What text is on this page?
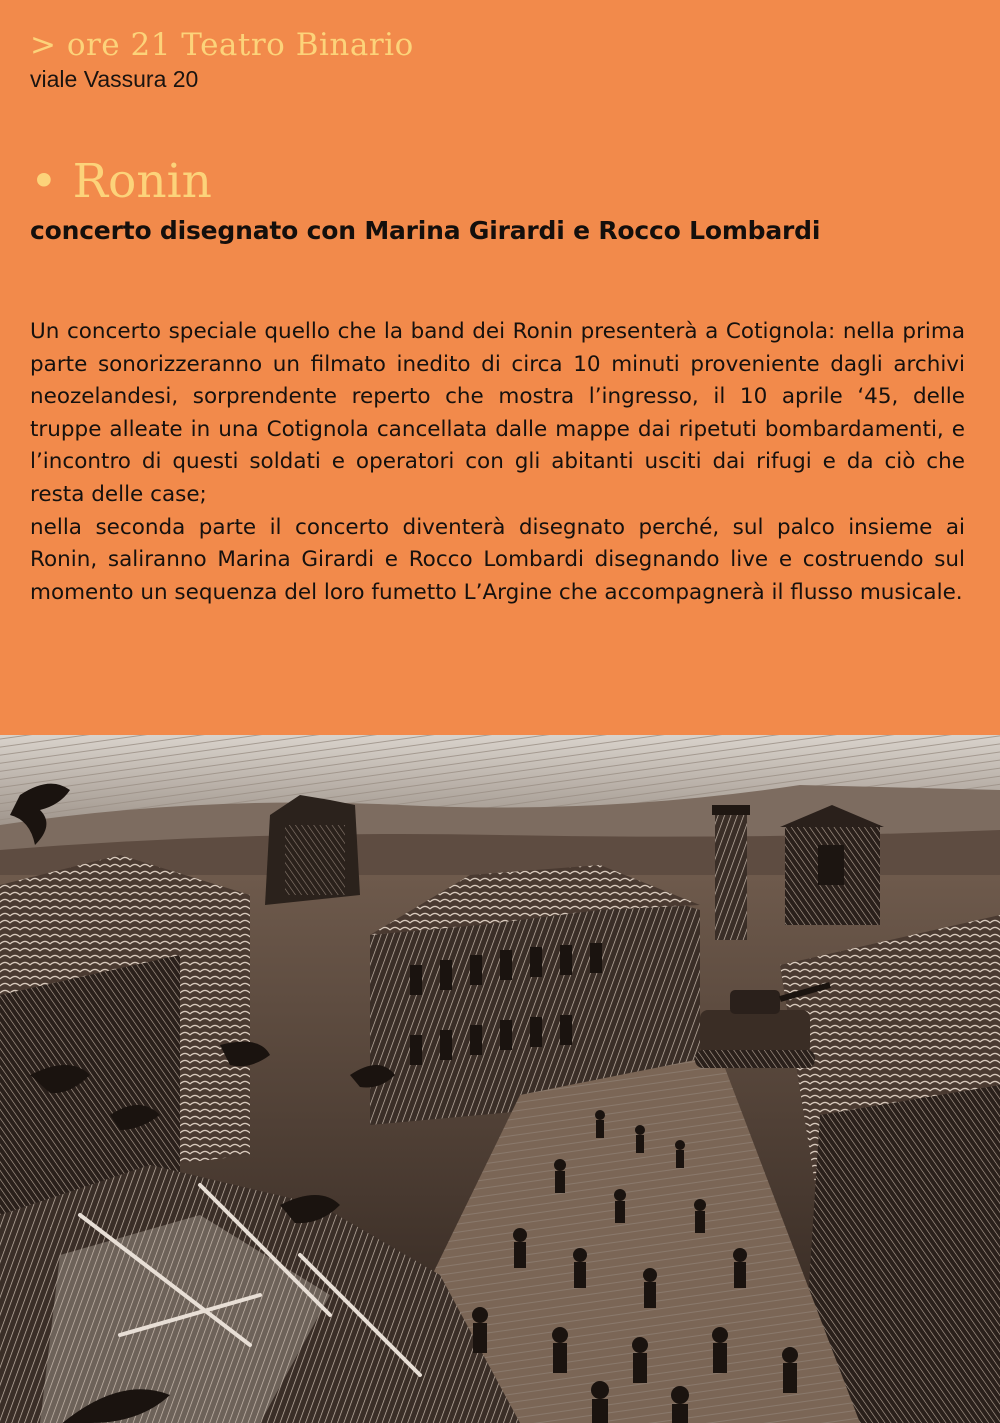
> ore 21 Teatro Binario
viale Vassura 20
• Ronin
concerto disegnato con Marina Girardi e Rocco Lombardi

Un concerto speciale quello che la band dei Ronin presenterà a Cotignola: nella prima parte sonorizzeranno un filmato inedito di circa 10 minuti proveniente dagli archivi neozelandesi, sorprendente reperto che mostra l’ingresso, il 10 aprile ‘45, delle truppe alleate in una Cotignola cancellata dalle mappe dai ripetuti bombardamenti, e l’incontro di questi soldati e operatori con gli abitanti usciti dai rifugi e da ciò che resta delle case;

nella seconda parte il concerto diventerà disegnato perché, sul palco insieme ai Ronin, saliranno Marina Girardi e Rocco Lombardi disegnando live e costruendo sul momento un sequenza del loro fumetto L’Argine che accompagnerà il flusso musicale.
